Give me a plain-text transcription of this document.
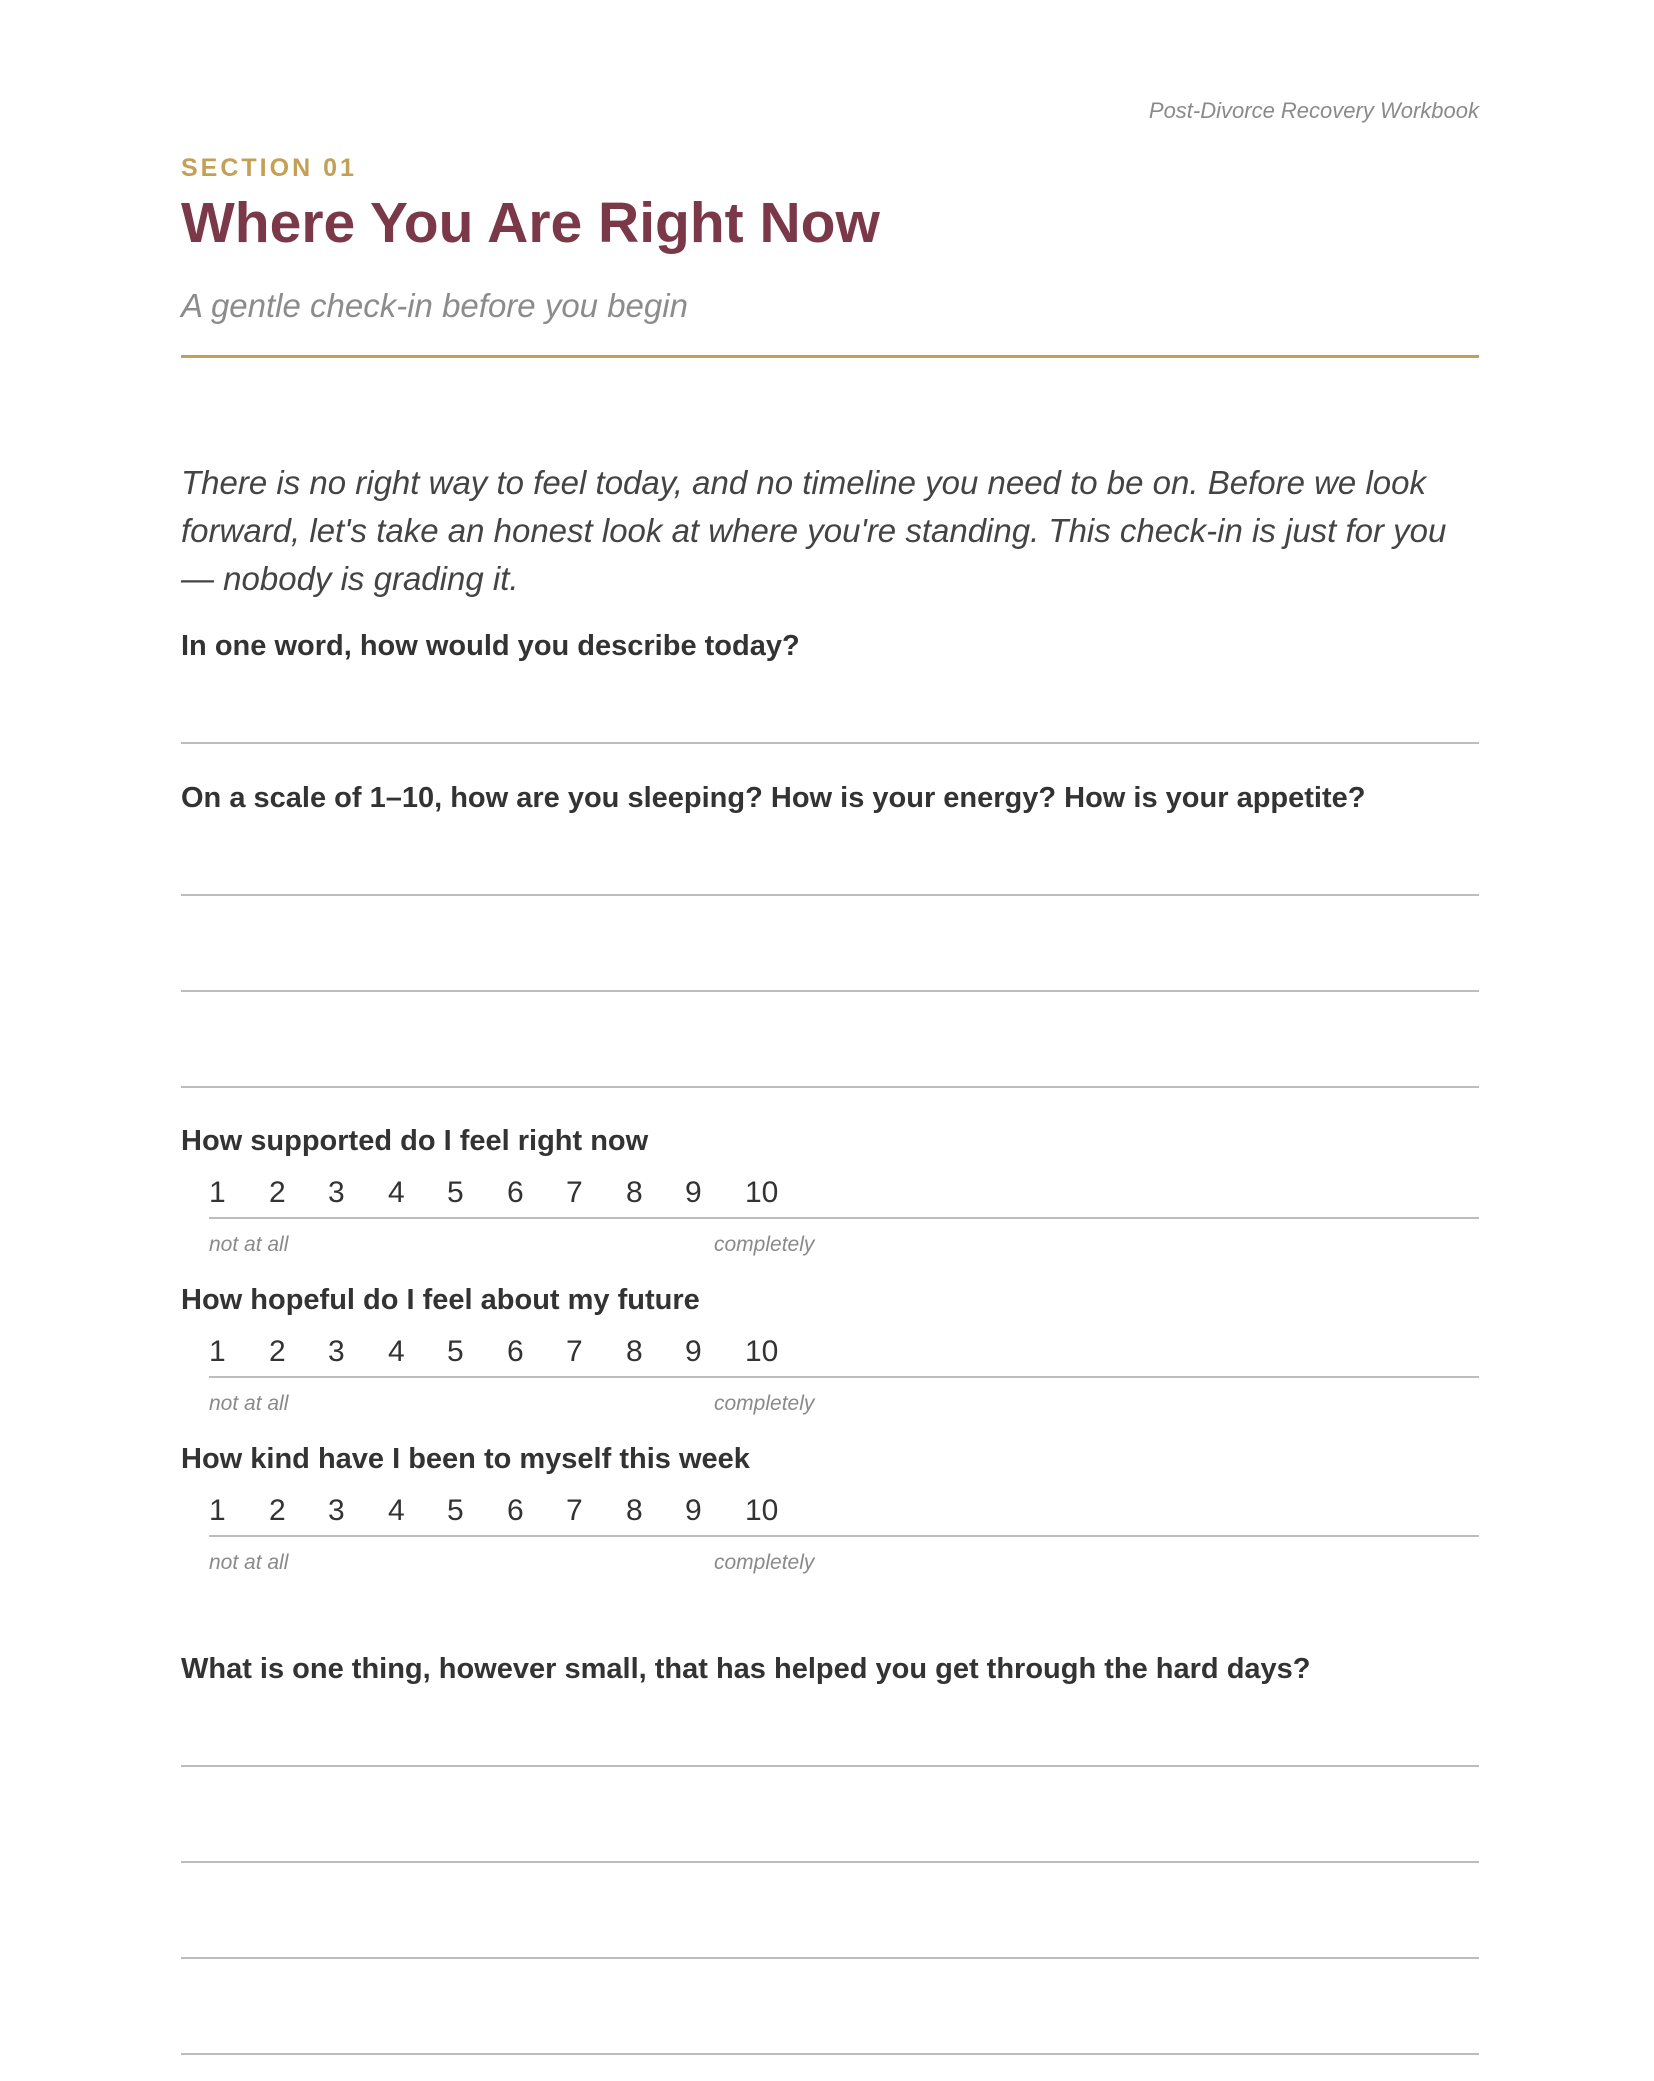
Post-Divorce Recovery Workbook
SECTION 01
Where You Are Right Now
A gentle check-in before you begin

There is no right way to feel today, and no timeline you need to be on. Before we look forward, let's take an honest look at where you're standing. This check-in is just for you — nobody is grading it.

In one word, how would you describe today?
On a scale of 1–10, how are you sleeping? How is your energy? How is your appetite?
How supported do I feel right now
1 2 3 4 5 6 7 8 9 10
not at all	completely
How hopeful do I feel about my future
1 2 3 4 5 6 7 8 9 10
not at all	completely
How kind have I been to myself this week
1 2 3 4 5 6 7 8 9 10
not at all	completely
What is one thing, however small, that has helped you get through the hard days?
